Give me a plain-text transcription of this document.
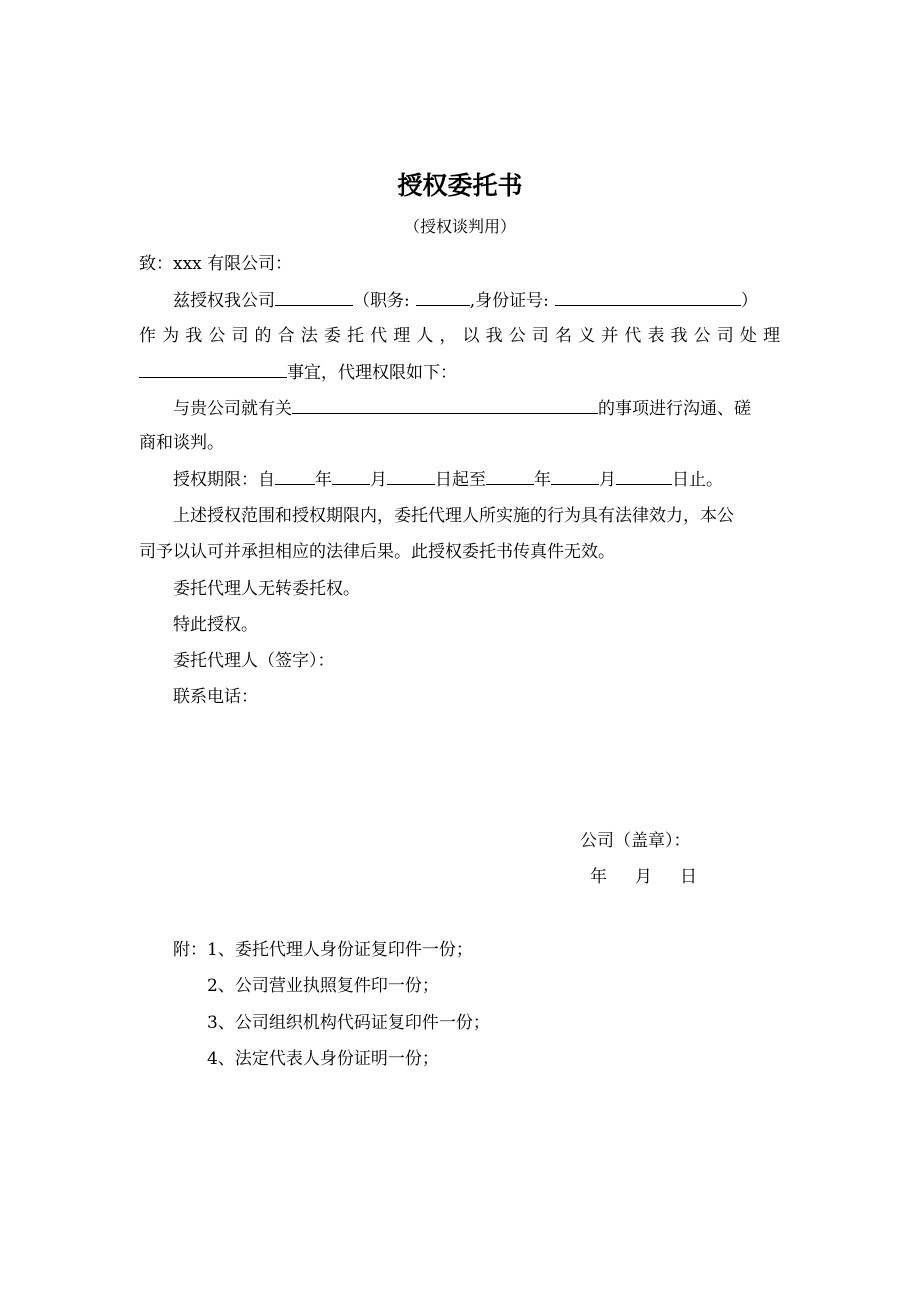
授权委托书
（授权谈判用）
致：xxx 有限公司：
兹授权我公司	（职务:	,身份证号:	）
作为我公司的合法委托代理人，以我公司名义并代表我公司处理
事宜，代理权限如下：
与贵公司就有关	的事项进行沟通、磋
商和谈判。
授权期限：自 年 月	日起至	年	月	日止。
上述授权范围和授权期限内，委托代理人所实施的行为具有法律效力，本公
司予以认可并承担相应的法律后果。此授权委托书传真件无效。
委托代理人无转委托权。
特此授权。
委托代理人（签字）：
联系电话：
公司（盖章）：
年 月 日
附：1、委托代理人身份证复印件一份；
2、公司营业执照复件印一份；
3、公司组织机构代码证复印件一份；
4、法定代表人身份证明一份；
